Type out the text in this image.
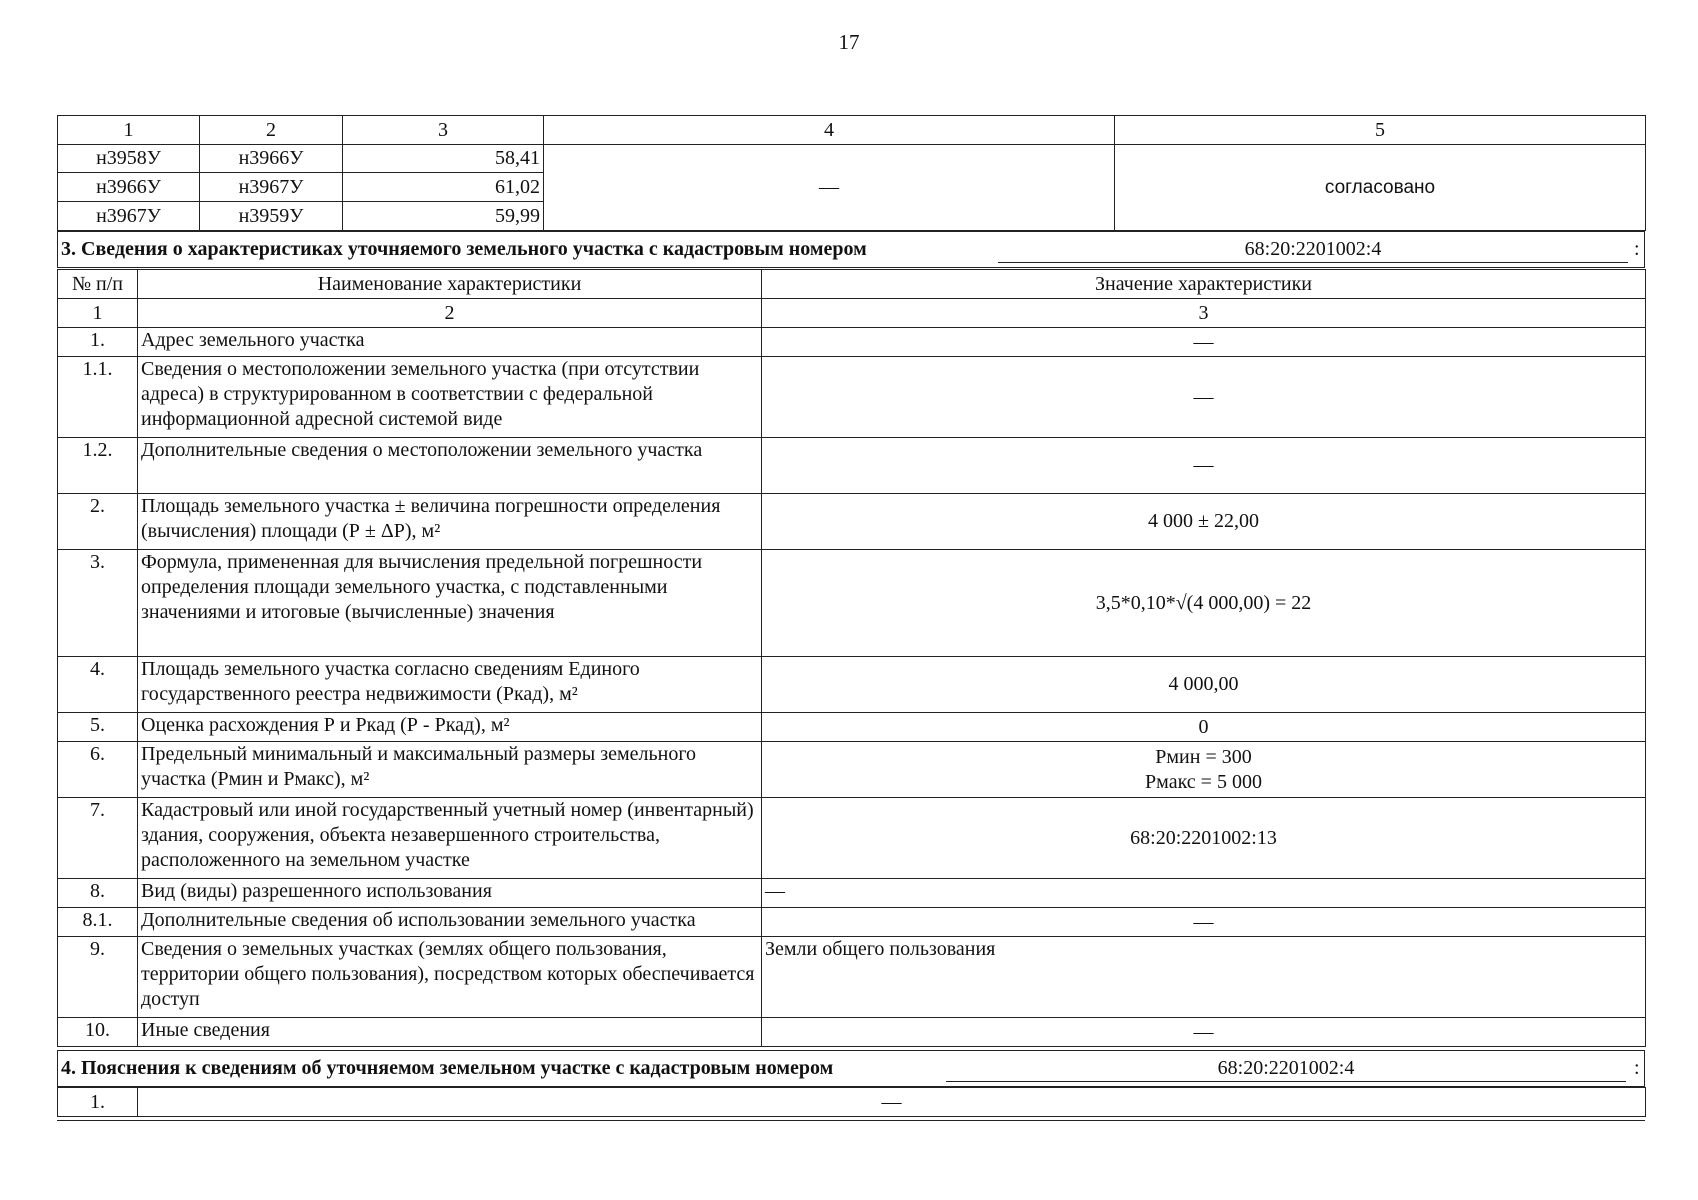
17
1	2	3	4	5
н3958У	н3966У	58,41	—	согласовано
н3966У	н3967У	61,02		
н3967У	н3959У	59,99		
3. Сведения о характеристиках уточняемого земельного участка с кадастровым номером	68:20:2201002:4	:
№ п/п	Наименование характеристики	Значение характеристики
1	2	3
1.	Адрес земельного участка	—
1.1.	Сведения о местоположении земельного участка (при отсутствии адреса) в структурированном в соответствии с федеральной информационной адресной системой виде	—
1.2.	Дополнительные сведения о местоположении земельного участка	—
2.	Площадь земельного участка ± величина погрешности определения (вычисления) площади (Р ± ΔР), м²	4 000 ± 22,00
3.	Формула, примененная для вычисления предельной погрешности определения площади земельного участка, с подставленными значениями и итоговые (вычисленные) значения	3,5*0,10*√(4 000,00) = 22
4.	Площадь земельного участка согласно сведениям Единого государственного реестра недвижимости (Ркад), м²	4 000,00
5.	Оценка расхождения Р и Ркад (Р - Ркад), м²	0
6.	Предельный минимальный и максимальный размеры земельного участка (Рмин и Рмакс), м²	Рмин = 300
Рмакс = 5 000

7.	Кадастровый или иной государственный учетный номер (инвентарный) здания, сооружения, объекта незавершенного строительства, расположенного на земельном участке	68:20:2201002:13
8.	Вид (виды) разрешенного использования	—
8.1.	Дополнительные сведения об использовании земельного участка	—
9.	Сведения о земельных участках (землях общего пользования, территории общего пользования), посредством которых обеспечивается доступ	Земли общего пользования
10.	Иные сведения	—
4. Пояснения к сведениям об уточняемом земельном участке с кадастровым номером	68:20:2201002:4	:
1.	—
